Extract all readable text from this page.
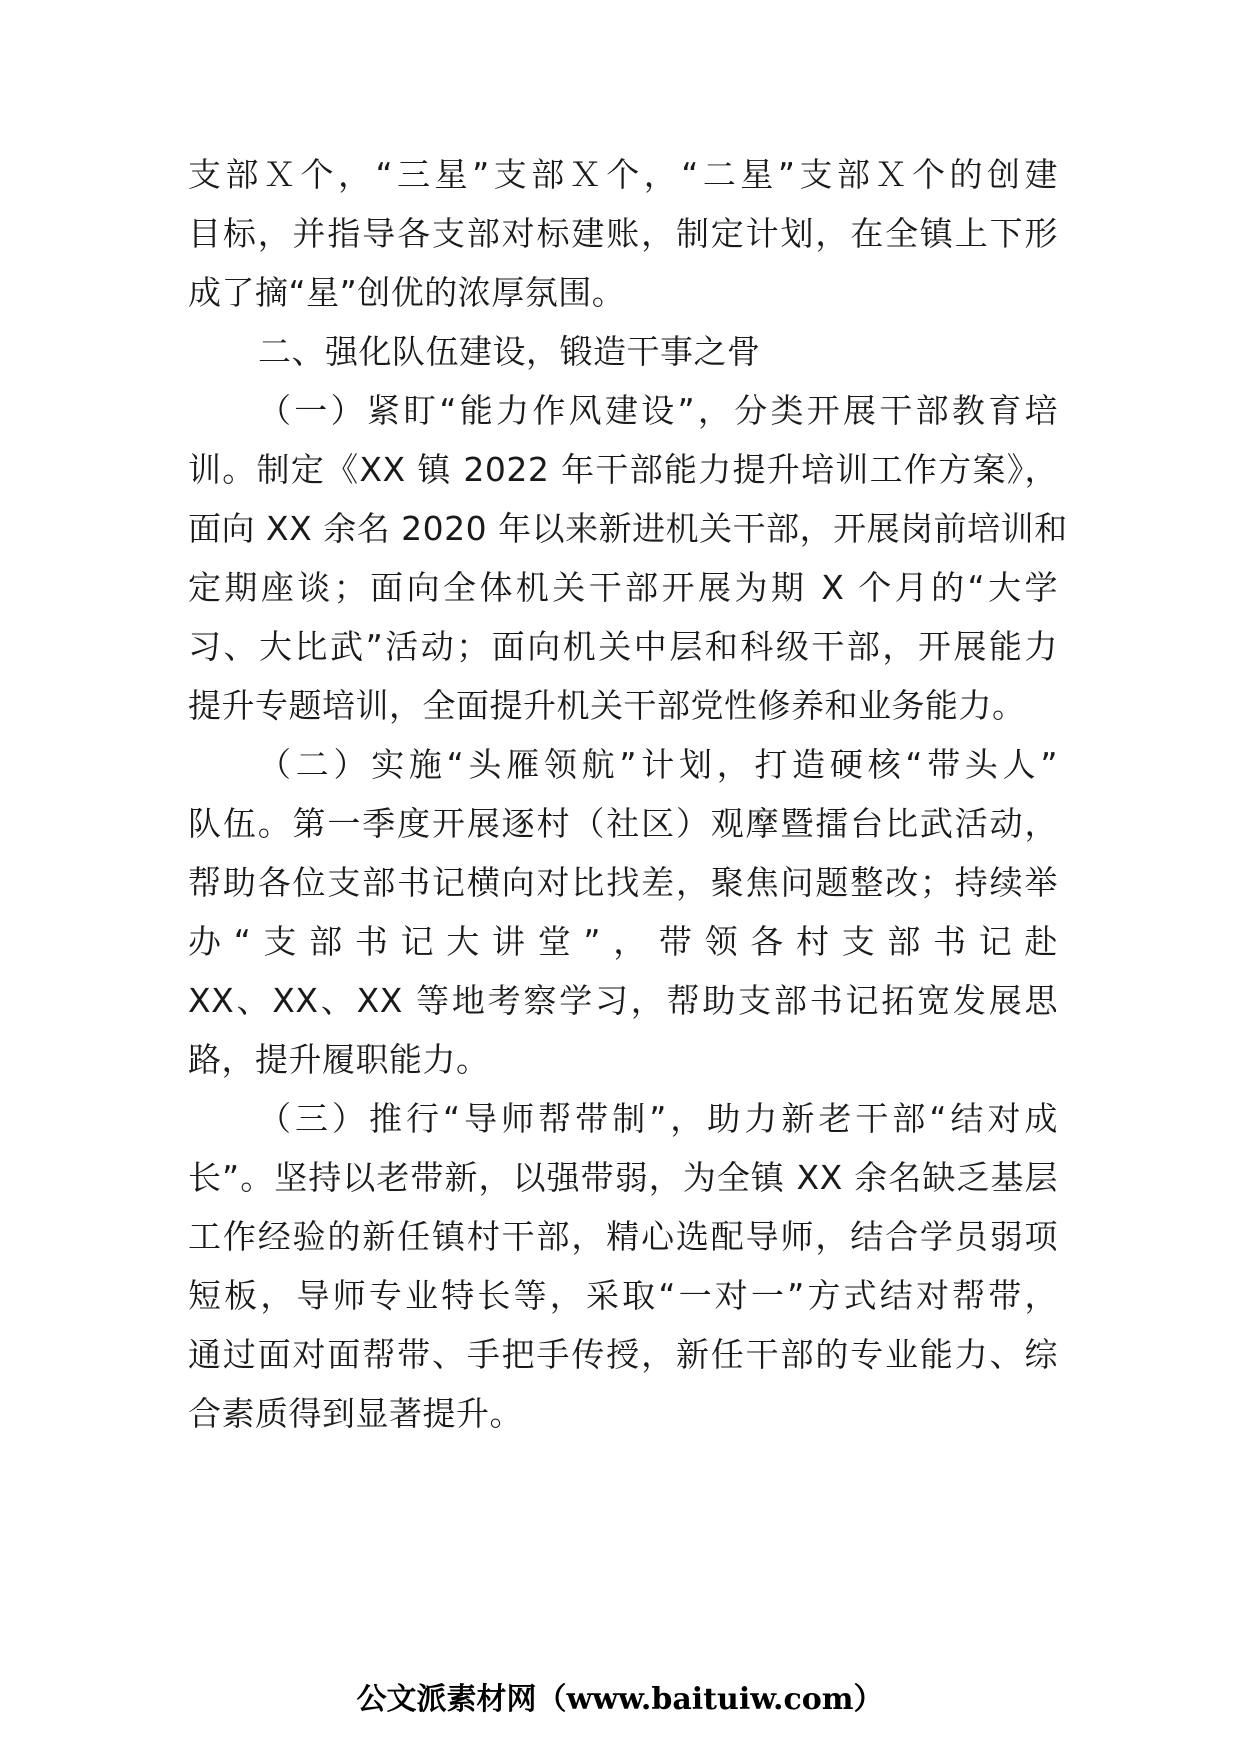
支部Ｘ个，“三星”支部Ｘ个，“二星”支部Ｘ个的创建
目标，并指导各支部对标建账，制定计划，在全镇上下形
成了摘“星”创优的浓厚氛围。
二、强化队伍建设，锻造干事之骨
（一）紧盯“能力作风建设”，分类开展干部教育培
训。制定《XX 镇 2022 年干部能力提升培训工作方案》，
面向 XX 余名 2020 年以来新进机关干部，开展岗前培训和
定期座谈；面向全体机关干部开展为期 X 个月的“大学
习、大比武”活动；面向机关中层和科级干部，开展能力
提升专题培训，全面提升机关干部党性修养和业务能力。
（二）实施“头雁领航”计划，打造硬核“带头人”
队伍。第一季度开展逐村（社区）观摩暨擂台比武活动，
帮助各位支部书记横向对比找差，聚焦问题整改；持续举
办“支部书记大讲堂”，带领各村支部书记赴
XX、XX、XX 等地考察学习，帮助支部书记拓宽发展思
路，提升履职能力。
（三）推行“导师帮带制”，助力新老干部“结对成
长”。坚持以老带新，以强带弱，为全镇 XX 余名缺乏基层
工作经验的新任镇村干部，精心选配导师，结合学员弱项
短板，导师专业特长等，采取“一对一”方式结对帮带，
通过面对面帮带、手把手传授，新任干部的专业能力、综
合素质得到显著提升。
公文派素材网（www.baituiw.com）
